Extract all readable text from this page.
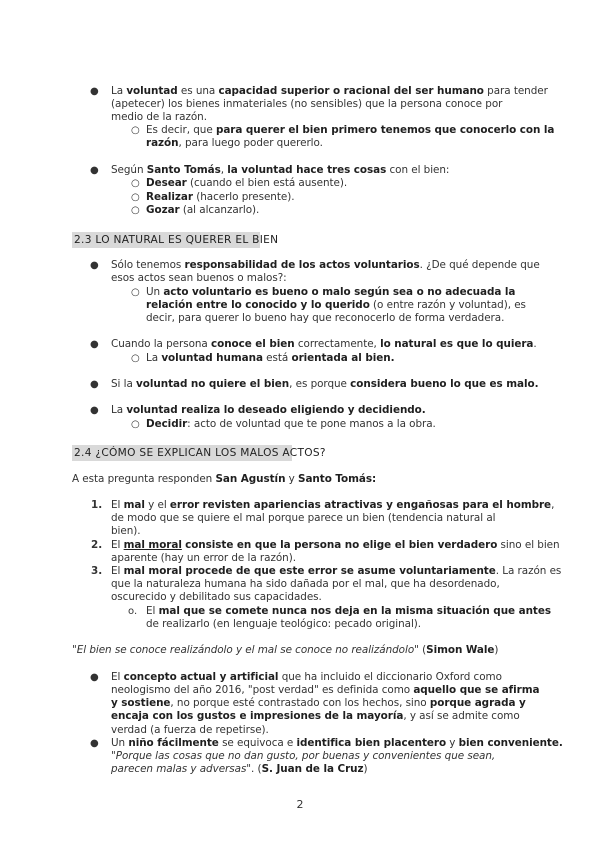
● La voluntad es una capacidad superior o racional del ser humano para tender
(apetecer) los bienes inmateriales (no sensibles) que la persona conoce por
medio de la razón.
○ Es decir, que para querer el bien primero tenemos que conocerlo con la
razón, para luego poder quererlo.
● Según Santo Tomás, la voluntad hace tres cosas con el bien:
○ Desear (cuando el bien está ausente).
○ Realizar (hacerlo presente).
○ Gozar (al alcanzarlo).
2.3 LO NATURAL ES QUERER EL BIEN
● Sólo tenemos responsabilidad de los actos voluntarios. ¿De qué depende que
esos actos sean buenos o malos?:
○ Un acto voluntario es bueno o malo según sea o no adecuada la
relación entre lo conocido y lo querido (o entre razón y voluntad), es
decir, para querer lo bueno hay que reconocerlo de forma verdadera.
● Cuando la persona conoce el bien correctamente, lo natural es que lo quiera.
○ La voluntad humana está orientada al bien.
● Si la voluntad no quiere el bien, es porque considera bueno lo que es malo.
● La voluntad realiza lo deseado eligiendo y decidiendo.
○ Decidir: acto de voluntad que te pone manos a la obra.
2.4 ¿CÓMO SE EXPLICAN LOS MALOS ACTOS?
A esta pregunta responden San Agustín y Santo Tomás:
1. El mal y el error revisten apariencias atractivas y engañosas para el hombre,
de modo que se quiere el mal porque parece un bien (tendencia natural al
bien).
2. El mal moral consiste en que la persona no elige el bien verdadero sino el bien
aparente (hay un error de la razón).
3. El mal moral procede de que este error se asume voluntariamente. La razón es
que la naturaleza humana ha sido dañada por el mal, que ha desordenado,
oscurecido y debilitado sus capacidades.
o. El mal que se comete nunca nos deja en la misma situación que antes
de realizarlo (en lenguaje teológico: pecado original).
"El bien se conoce realizándolo y el mal se conoce no realizándolo" (Simon Wale)
● El concepto actual y artificial que ha incluido el diccionario Oxford como
neologismo del año 2016, "post verdad" es definida como aquello que se afirma
y sostiene, no porque esté contrastado con los hechos, sino porque agrada y
encaja con los gustos e impresiones de la mayoría, y así se admite como
verdad (a fuerza de repetirse).
● Un niño fácilmente se equivoca e identifica bien placentero y bien conveniente.
"Porque las cosas que no dan gusto, por buenas y convenientes que sean,
parecen malas y adversas". (S. Juan de la Cruz)
2
